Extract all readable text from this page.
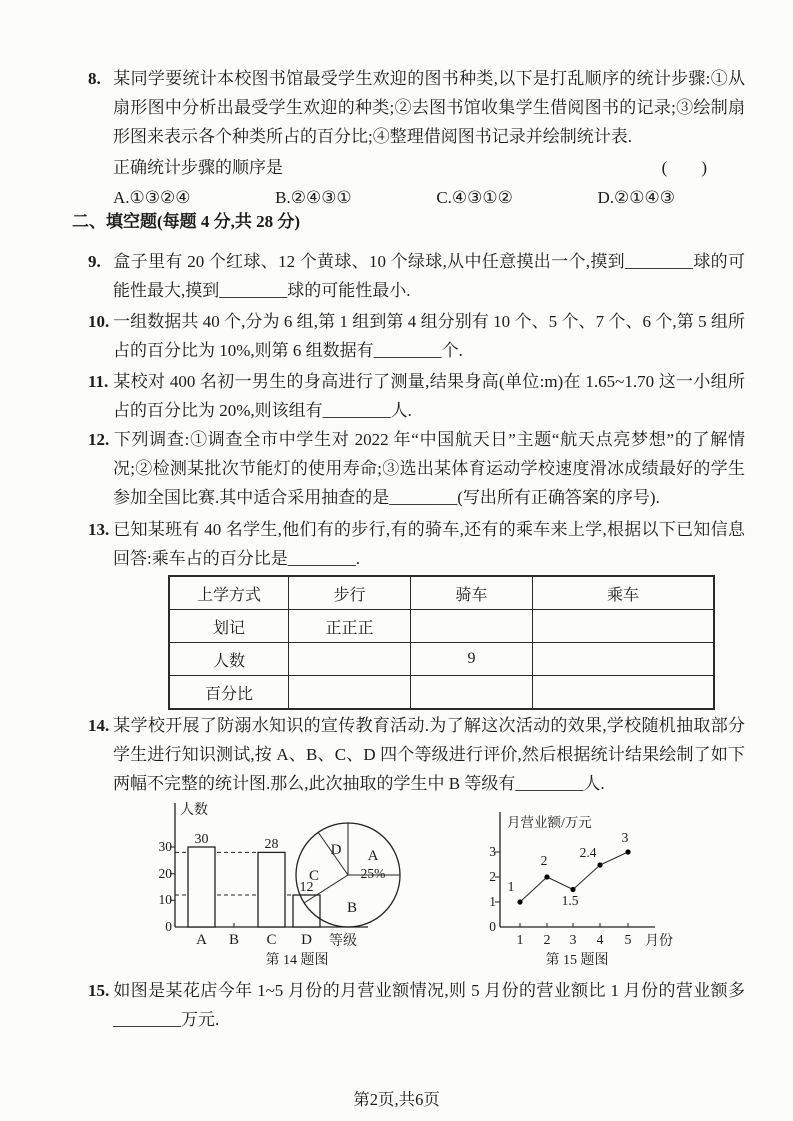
8. 某同学要统计本校图书馆最受学生欢迎的图书种类,以下是打乱顺序的统计步骤:①从扇形图中分析出最受学生欢迎的种类;②去图书馆收集学生借阅图书的记录;③绘制扇形图来表示各个种类所占的百分比;④整理借阅图书记录并绘制统计表.
正确统计步骤的顺序是	(　　)
A.①③②④	B.②④③①	C.④③①②	D.②①④③
二、填空题(每题 4 分,共 28 分)
9. 盒子里有 20 个红球、12 个黄球、10 个绿球,从中任意摸出一个,摸到________球的可能性最大,摸到________球的可能性最小.
10. 一组数据共 40 个,分为 6 组,第 1 组到第 4 组分别有 10 个、5 个、7 个、6 个,第 5 组所占的百分比为 10%,则第 6 组数据有________个.
11. 某校对 400 名初一男生的身高进行了测量,结果身高(单位:m)在 1.65~1.70 这一小组所占的百分比为 20%,则该组有________人.
12. 下列调查:①调查全市中学生对 2022 年“中国航天日”主题“航天点亮梦想”的了解情况;②检测某批次节能灯的使用寿命;③选出某体育运动学校速度滑冰成绩最好的学生参加全国比赛.其中适合采用抽查的是________(写出所有正确答案的序号).
13. 已知某班有 40 名学生,他们有的步行,有的骑车,还有的乘车来上学,根据以下已知信息回答:乘车占的百分比是________.
上学方式	步行	骑车	乘车
划记	正正正		
人数		9	
百分比			
14. 某学校开展了防溺水知识的宣传教育活动.为了解这次活动的效果,学校随机抽取部分学生进行知识测试,按 A、B、C、D 四个等级进行评价,然后根据统计结果绘制了如下两幅不完整的统计图.那么,此次抽取的学生中 B 等级有________人.
人数
30
20
10
0
30	28
12
A B C D 等级
第 14 题图
A
25%
D
C
B
月营业额/万元
3
2
1
0
1 2 3 4 5 月份
1
2
1.5
2.4
3
第 15 题图
15. 如图是某花店今年 1~5 月份的月营业额情况,则 5 月份的营业额比 1 月份的营业额多________万元.
第2页,共6页
